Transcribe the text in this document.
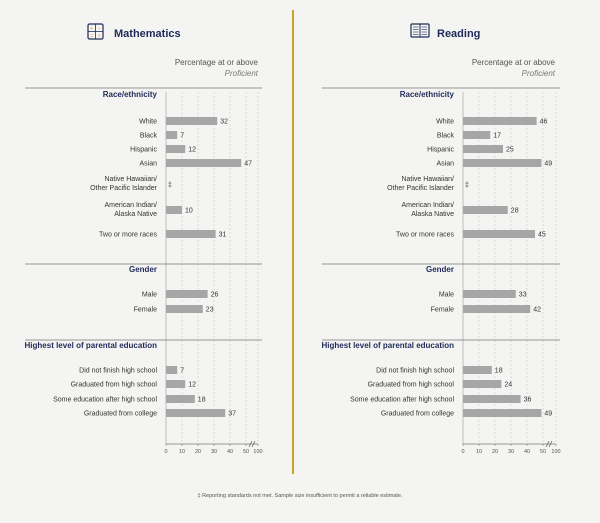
+ −
= × Mathematics
Percentage at or above
Proficient
Race/ethnicity
White	32
Black	7
Hispanic	12
Asian	47
Native Hawaiian/
Other Pacific Islander ‡
American Indian/
Alaska Native	10
Two or more races	31
Gender
Male	26
Female	23
Highest level of parental education
Did not finish high school	7
Graduated from high school	12
Some education after high school	18
Graduated from college	37
0 10 20 30 40 50 100
Reading
Percentage at or above
Proficient
Race/ethnicity
White	46
Black	17
Hispanic	25
Asian	49
Native Hawaiian/
Other Pacific Islander ‡
American Indian/
Alaska Native	28
Two or more races	45
Gender
Male	33
Female	42
Highest level of parental education
Did not finish high school	18
Graduated from high school	24
Some education after high school	36
Graduated from college	49
0 10 20 30 40 50 100
‡ Reporting standards not met. Sample size insufficient to permit a reliable estimate.
